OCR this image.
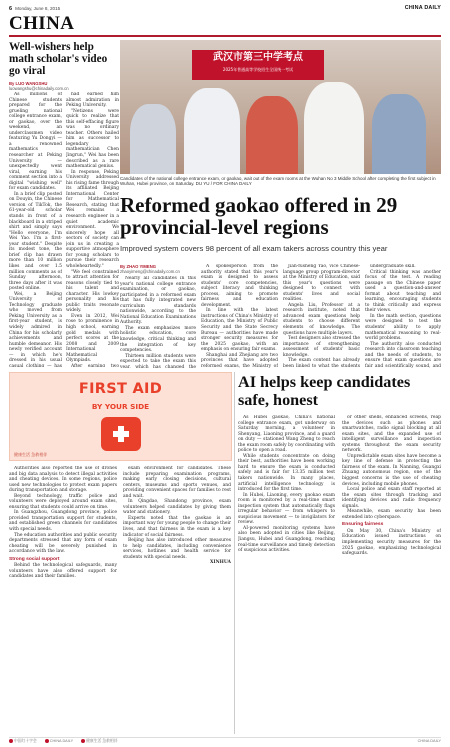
6 Monday, June 8, 2015	CHINA DAILY
CHINA
Well-wishers help math scholar's video go viral
By LUO WANGSHU
luowangshu@chinadaily.com.cn

As millions of Chinese students prepared for the grueling national college entrance exam, or gaokao, over the weekend, an underclassmen video featuring Yu Dongyi — a renowned mathematics researcher at Peking University — unexpectedly went viral, earning his comment section into a digital "wishing well" for exam candidates.

In a brief clip posted on Douyin, the Chinese version of TikTok, the 61-year-old scholar stands in front of a blackboard in a striped shirt and simply says "Hello everyone, I'm Wei Yao. I'm a first-year student." Despite its modest tone, the brief clip has drawn more than 10 million likes and over 1.5 million comments as of Sunday afternoon, three days after it was posted online.

Wei, a Beijing University of Technology graduate who moved from Peking University as a first-year student, is widely admired in China for his scholarly achievements and humble demeanor. His newly verified account — in which he's dressed in his usual casual clothing — has

had earned him almost admiration in Peking University.

"Netizens were quick to realize that this self-effacing figure was no ordinary teacher. Others hailed him as successor to legendary mathematician Chen Jingrun," Wei has been described as a rare mathematical genius.

In response, Peking University addressed his rising fame through its affiliated Beijing International Center for Mathematical Research, stating that Wei remains a research engineer in a quiet academic environment. We sincerely hope all sectors of society can join us in creating a supportive atmosphere for young scholars to pursue their research wholeheartedly."

"We feel constrained to attract attention for reasons closely tied to his talent and character. His lowkey personality and his public traits resonate widely.

Even in 2012, Wei rose to prominence in high school, earning gold medals with perfect scores at the 2008 and 2009 International Mathematical Olympiads.

After earning two

武汉市第三中学考点
2025年普通高等学校招生全国统一考试
Candidates of the national college entrance exam, or gaokao, wait out of the exam rooms at the Wuhan No 3 Middle School after completing the first subject in Wuhan, Hubei province, on Saturday. DU YU / FOR CHINA DAILY
Reformed gaokao offered in 29 provincial-level regions
Improved system covers 98 percent of all exam takers across country this year
By ZHAO YIMENG
zhaoyimeng@chinadaily.com.cn

Nearly all candidates in this year's national college entrance examination, or gaokao, participated in a reformed exam that has fully integrated new curriculum standards nationwide, according to the National Education Examinations Authority.

The exam emphasizes more holistic education, core knowledge, critical thinking and the integration of key competencies.

Thirteen million students were expected to take the exam this year, which has changed the

A spokesperson from the authority stated that this year's exam is designed to assess students' core competencies, subject literacy and thinking process, aiming to promote fairness and education development.

In line with the latest instructions of China's Ministry of Education, the Ministry of Public Security and the State Secrecy Bureau — authorities have made stronger security measures for the 2025 gaokao, with an emphasis on ensuring fair exams.

Shanghai and Zhejiang are two provinces that have adopted reformed exams, the Ministry of

Jian-fusheng Yao, vice Chinese-language group program-director at the Ministry of Education, said this year's questions were designed to connect with students' lives and social realities.

Angela Liu, Professor at a research institute, noted that advanced exam questions help students to choose different elements of knowledge. The questions have multiple layers.

Test designers also stressed the importance of strengthening assessment of students' basic knowledge.

The exam content has already been linked to what the students

undergraduate skill.

Critical thinking was another focus of the test. A reading passage on the Chinese paper used a question-and-answer format about teaching and learning, encouraging students to think critically and express their views.

In the math section, questions were designed to test the students' ability to apply mathematical reasoning to real-world problems.

The authority also conducted research into classroom teaching and the needs of students, to ensure that exam questions are fair and scientifically sound, and

FIRST AID
BY YOUR SIDE
健康生活 急救相伴
AI helps keep candidates safe, honest

As Hubei gaokao, China's national college entrance exam, got underway on Saturday morning, a volunteer in Shenyang, Liaoning province, and a guard on duty — stationed Wang Zheng to reach the exam room safely by coordinating with police to open a road.

While students concentrate on doing their best, authorities have been working hard to ensure the exam is conducted safely and is fair for 13.35 million test takers nationwide. In many places, artificial intelligence technology is introduced for the first time.

In Hubei, Liaoning, every gaokao exam room is monitored by a real-time smart inspection system that automatically flags irregular behavior — from whispers to suspicious movement — to invigilators for review.

AI-powered monitoring systems have also been adopted in cities like Beijing, Jiangsu, Hubei and Guangdong, reaching real-time surveillance and timely detection of suspicious activities.

or other shells, enhanced screens, reap the devices such as phones and smartwatches, radio signal blocking at all exam sites, and the expanded use of intelligent surveillance and inspection systems throughout the exam security network.

Unpredictable exam sites have become a key line of defense in protecting the fairness of the exam. In Nanning, Guangxi Zhuang autonomous region, one of the biggest concerns is the use of cheating devices, including mobile phones.

Local police and exam staff reported at the exam sites through tracking and identifying devices and radio frequency signals.

Meanwhile, exam security has been extended into cyberspace.

Ensuring fairness

On May 30, China's Ministry of Education issued instructions on implementing security measures for the 2025 gaokao, emphasizing technological safeguards.

Authorities also reported the use of drones and big data analysis to detect illegal activities and cheating devices. In some regions, police used new technologies to protect exam papers during transportation and storage.

Beyond technology, traffic police and volunteers were deployed around exam sites, ensuring that students could arrive on time.

In Guangzhou, Guangdong province, police provided transportation support for students, and established green channels for candidates with special needs.

The education authorities and public security departments stressed that any form of exam cheating will be severely punished in accordance with the law.

Strong social support

Behind the technological safeguards, many volunteers have also offered support for candidates and their families.

exam environment for candidates. These include preparing examination programs, making early closing decisions, cultural centers, museums and sports venues, and providing convenient spaces for families to rest and wait.

In Qingdao, Shandong province, exam volunteers helped candidates by giving them water and stationery.

Experts noted that the gaokao is an important way for young people to change their lives, and that fairness in the exam is a key indicator of social fairness.

Beijing has also introduced other measures to help candidates, including convenience services, hotlines and health service for students with special needs.

XINHUA

中国红十字会	CHINA DAILY	健康生活 急救相伴	CHINA DAILY
